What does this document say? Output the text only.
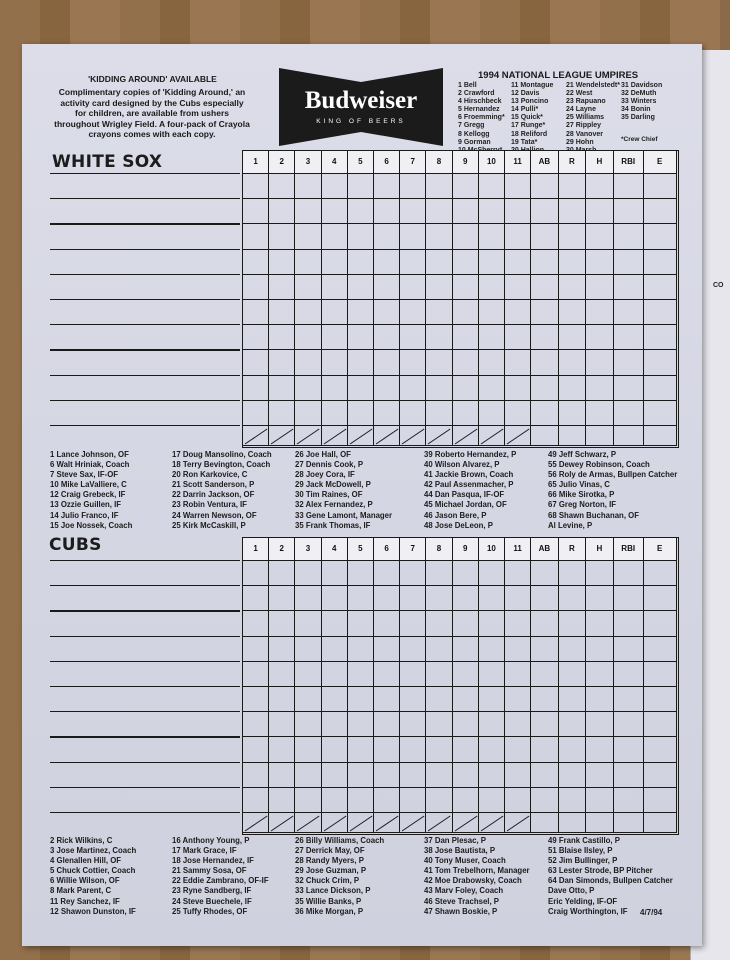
CO
'KIDDING AROUND' AVAILABLE
Complimentary copies of 'Kidding Around,' an activity card designed by the Cubs especially for children, are available from ushers throughout Wrigley Field. A four-pack of Crayola crayons comes with each copy.
Budweiser
KING OF BEERS
1994 NATIONAL LEAGUE UMPIRES
1 Bell
2 Crawford
4 Hirschbeck
5 Hernandez
6 Froemming*
7 Gregg
8 Kellogg
9 Gorman
11 Montague
12 Davis
13 Poncino
14 Pulli*
15 Quick*
17 Runge*
18 Reliford
19 Tata*
21 Wendelstedt*
22 West
23 Rapuano
24 Layne
25 Williams
27 Rippley
28 Vanover
29 Hohn
31 Davidson
32 DeMuth
33 Winters
34 Bonin
35 Darling
*Crew Chief
WHITE SOX
CUBS
1	2	3	4	5	6	7	8	9	10	11	AB	R	H	RBI	E
1	2	3	4	5	6	7	8	9	10	11	AB	R	H	RBI	E
1 Lance Johnson, OF
6 Walt Hriniak, Coach
7 Steve Sax, IF-OF
10 Mike LaValliere, C
12 Craig Grebeck, IF
13 Ozzie Guillen, IF
14 Julio Franco, IF
15 Joe Nossek, Coach
17 Doug Mansolino, Coach
18 Terry Bevington, Coach
20 Ron Karkovice, C
21 Scott Sanderson, P
22 Darrin Jackson, OF
23 Robin Ventura, IF
24 Warren Newson, OF
25 Kirk McCaskill, P
26 Joe Hall, OF
27 Dennis Cook, P
28 Joey Cora, IF
29 Jack McDowell, P
30 Tim Raines, OF
32 Alex Fernandez, P
33 Gene Lamont, Manager
35 Frank Thomas, IF
39 Roberto Hernandez, P
40 Wilson Alvarez, P
41 Jackie Brown, Coach
42 Paul Assenmacher, P
44 Dan Pasqua, IF-OF
45 Michael Jordan, OF
46 Jason Bere, P
48 Jose DeLeon, P
49 Jeff Schwarz, P
55 Dewey Robinson, Coach
56 Roly de Armas, Bullpen Catcher
65 Julio Vinas, C
66 Mike Sirotka, P
67 Greg Norton, IF
68 Shawn Buchanan, OF
Al Levine, P
2 Rick Wilkins, C
3 Jose Martinez, Coach
4 Glenallen Hill, OF
5 Chuck Cottier, Coach
6 Willie Wilson, OF
8 Mark Parent, C
11 Rey Sanchez, IF
12 Shawon Dunston, IF
16 Anthony Young, P
17 Mark Grace, IF
18 Jose Hernandez, IF
21 Sammy Sosa, OF
22 Eddie Zambrano, OF-IF
23 Ryne Sandberg, IF
24 Steve Buechele, IF
25 Tuffy Rhodes, OF
26 Billy Williams, Coach
27 Derrick May, OF
28 Randy Myers, P
29 Jose Guzman, P
32 Chuck Crim, P
33 Lance Dickson, P
35 Willie Banks, P
36 Mike Morgan, P
37 Dan Plesac, P
38 Jose Bautista, P
40 Tony Muser, Coach
41 Tom Trebelhorn, Manager
42 Moe Drabowsky, Coach
43 Marv Foley, Coach
46 Steve Trachsel, P
47 Shawn Boskie, P
49 Frank Castillo, P
51 Blaise Ilsley, P
52 Jim Bullinger, P
63 Lester Strode, BP Pitcher
64 Dan Simonds, Bullpen Catcher
Dave Otto, P
Eric Yelding, IF-OF
Craig Worthington, IF	4/7/94
